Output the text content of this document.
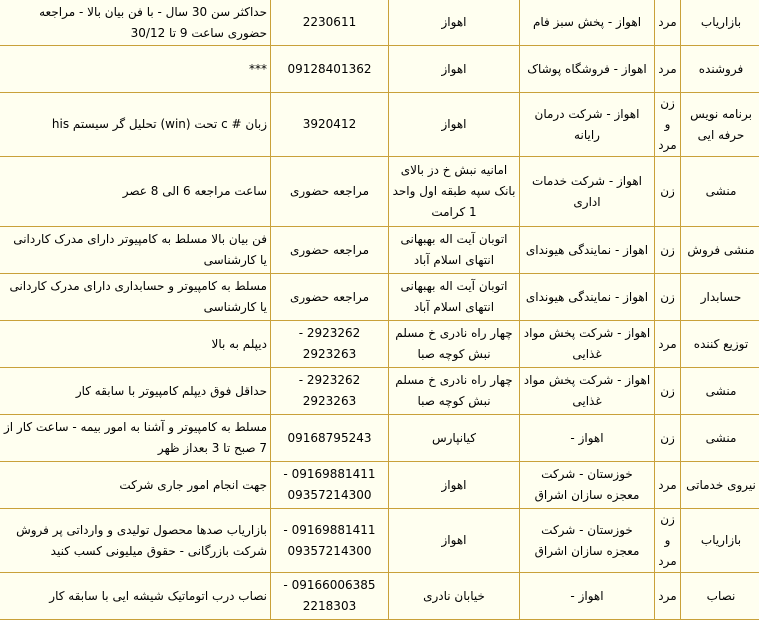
بازاریاب	مرد	اهواز - پخش سبز فام	اهواز	2230611	حداکثر سن 30 سال - با فن بیان بالا - مراجعه حضوری ساعت 9 تا 30/12
فروشنده	مرد	اهواز - فروشگاه پوشاک	اهواز	09128401362	***
برنامه نویس حرفه ایی	زن و مرد	اهواز - شرکت درمان رایانه	اهواز	3920412	زبان # c تحت (win) تحلیل گر سیستم his
منشی	زن	اهواز - شرکت خدمات اداری	امانیه نبش خ دز بالای بانک سپه طبقه اول واحد 1 کرامت	مراجعه حضوری	ساعت مراجعه 6 الی 8 عصر
منشی فروش	زن	اهواز - نمایندگی هیوندای	اتوبان آیت اله بهبهانی انتهای اسلام آباد	مراجعه حضوری	فن بیان بالا مسلط به کامپیوتر دارای مدرک کاردانی یا کارشناسی
حسابدار	زن	اهواز - نمایندگی هیوندای	اتوبان آیت اله بهبهانی انتهای اسلام آباد	مراجعه حضوری	مسلط به کامپیوتر و حسابداری دارای مدرک کاردانی یا کارشناسی
توزیع کننده	مرد	اهواز - شرکت پخش مواد غذایی	چهار راه نادری خ مسلم نبش کوچه صبا	2923262 - 2923263	دیپلم به بالا
منشی	زن	اهواز - شرکت پخش مواد غذایی	چهار راه نادری خ مسلم نبش کوچه صبا	2923262 - 2923263	حداقل فوق دیپلم کامپیوتر با سابقه کار
منشی	زن	اهواز -	کیانپارس	09168795243	مسلط به کامپیوتر و آشنا به امور بیمه - ساعت کار از 7 صبح تا 3 بعداز ظهر
نیروی خدماتی	مرد	خوزستان - شرکت معجزه سازان اشراق	اهواز	09169881411 - 09357214300	جهت انجام امور جاری شرکت
بازاریاب	زن و مرد	خوزستان - شرکت معجزه سازان اشراق	اهواز	09169881411 - 09357214300	بازاریاب صدها محصول تولیدی و وارداتی پر فروش شرکت بازرگانی - حقوق میلیونی کسب کنید
نصاب	مرد	اهواز -	خیابان نادری	09166006385 - 2218303	نصاب درب اتوماتیک شیشه ایی با سابقه کار
